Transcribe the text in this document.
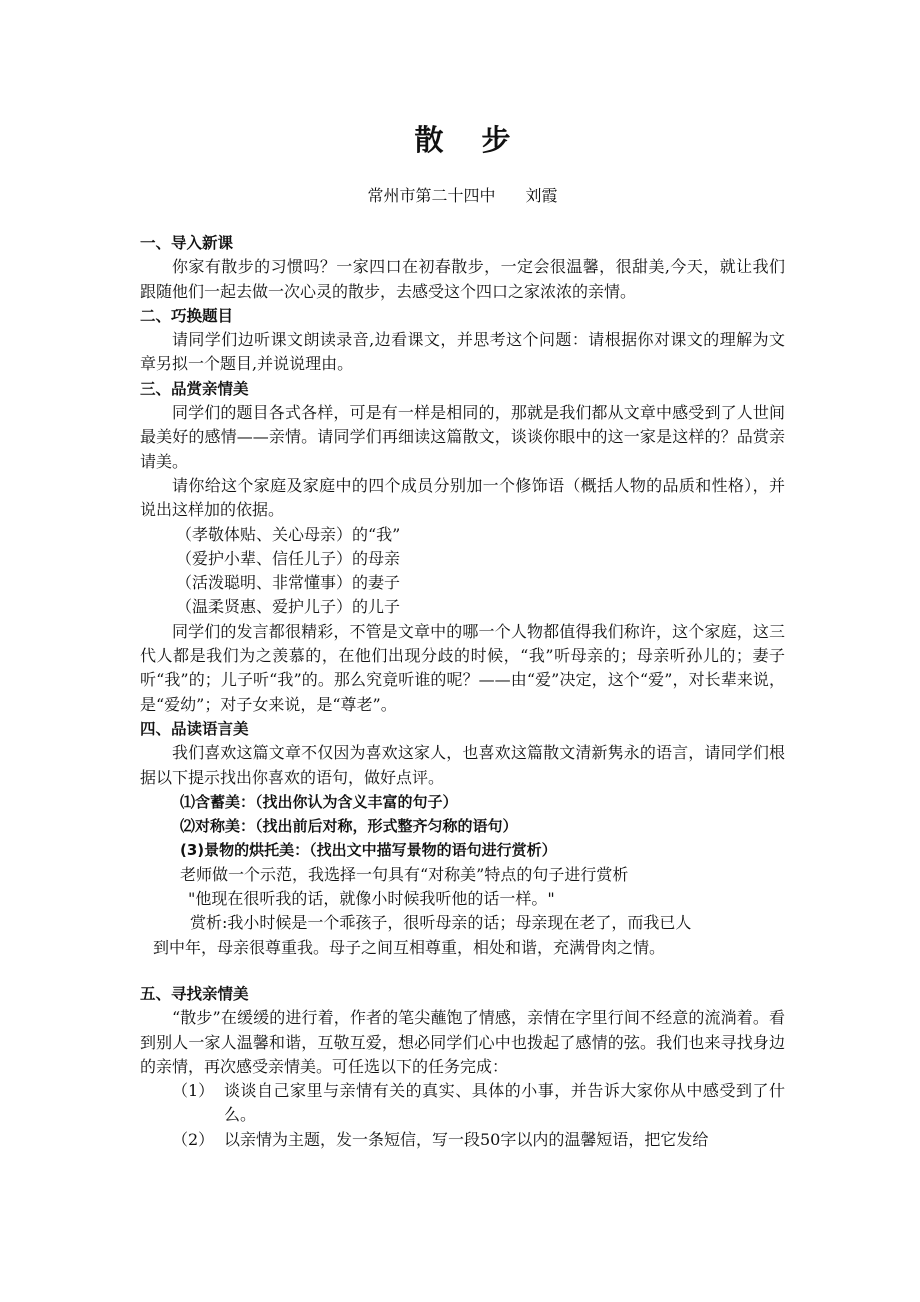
散步
常州市第二十四中 刘霞
一、导入新课
你家有散步的习惯吗？一家四口在初春散步，一定会很温馨，很甜美,今天，就让我们跟随他们一起去做一次心灵的散步，去感受这个四口之家浓浓的亲情。
二、巧换题目
请同学们边听课文朗读录音,边看课文，并思考这个问题：请根据你对课文的理解为文章另拟一个题目,并说说理由。
三、品赏亲情美
同学们的题目各式各样，可是有一样是相同的，那就是我们都从文章中感受到了人世间最美好的感情——亲情。请同学们再细读这篇散文，谈谈你眼中的这一家是这样的？品赏亲请美。
请你给这个家庭及家庭中的四个成员分别加一个修饰语（概括人物的品质和性格），并说出这样加的依据。
（孝敬体贴、关心母亲）的“我”
（爱护小辈、信任儿子）的母亲
（活泼聪明、非常懂事）的妻子
（温柔贤惠、爱护儿子）的儿子
同学们的发言都很精彩，不管是文章中的哪一个人物都值得我们称许，这个家庭，这三代人都是我们为之羡慕的，在他们出现分歧的时候，“我”听母亲的；母亲听孙儿的；妻子听“我”的；儿子听“我”的。那么究竟听谁的呢？——由“爱”决定，这个“爱”，对长辈来说，是“爱幼”；对子女来说，是“尊老”。
四、品读语言美
我们喜欢这篇文章不仅因为喜欢这家人，也喜欢这篇散文清新隽永的语言，请同学们根据以下提示找出你喜欢的语句，做好点评。
⑴含蓄美：（找出你认为含义丰富的句子）
⑵对称美：（找出前后对称，形式整齐匀称的语句）
(3)景物的烘托美：（找出文中描写景物的语句进行赏析）
老师做一个示范，我选择一句具有“对称美”特点的句子进行赏析
"他现在很听我的话，就像小时候我听他的话一样。"
赏析:我小时候是一个乖孩子，很听母亲的话；母亲现在老了，而我已人
到中年，母亲很尊重我。母子之间互相尊重，相处和谐，充满骨肉之情。
五、寻找亲情美
“散步”在缓缓的进行着，作者的笔尖蘸饱了情感，亲情在字里行间不经意的流淌着。看到别人一家人温馨和谐，互敬互爱，想必同学们心中也拨起了感情的弦。我们也来寻找身边的亲情，再次感受亲情美。可任选以下的任务完成：
（1） 谈谈自己家里与亲情有关的真实、具体的小事，并告诉大家你从中感受到了什么。
（2） 以亲情为主题，发一条短信，写一段50字以内的温馨短语，把它发给
